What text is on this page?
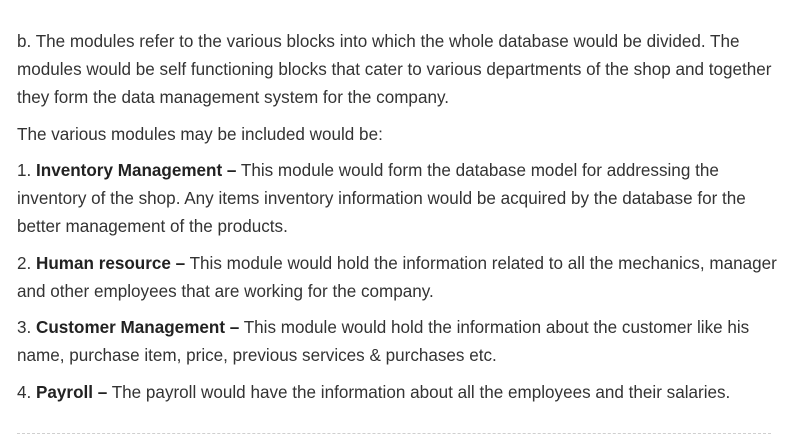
b. The modules refer to the various blocks into which the whole database would be divided. The modules would be self functioning blocks that cater to various departments of the shop and together they form the data management system for the company.

The various modules may be included would be:

1. Inventory Management – This module would form the database model for addressing the inventory of the shop. Any items inventory information would be acquired by the database for the better management of the products.

2. Human resource – This module would hold the information related to all the mechanics, manager and other employees that are working for the company.

3. Customer Management – This module would hold the information about the customer like his name, purchase item, price, previous services & purchases etc.

4. Payroll – The payroll would have the information about all the employees and their salaries.
